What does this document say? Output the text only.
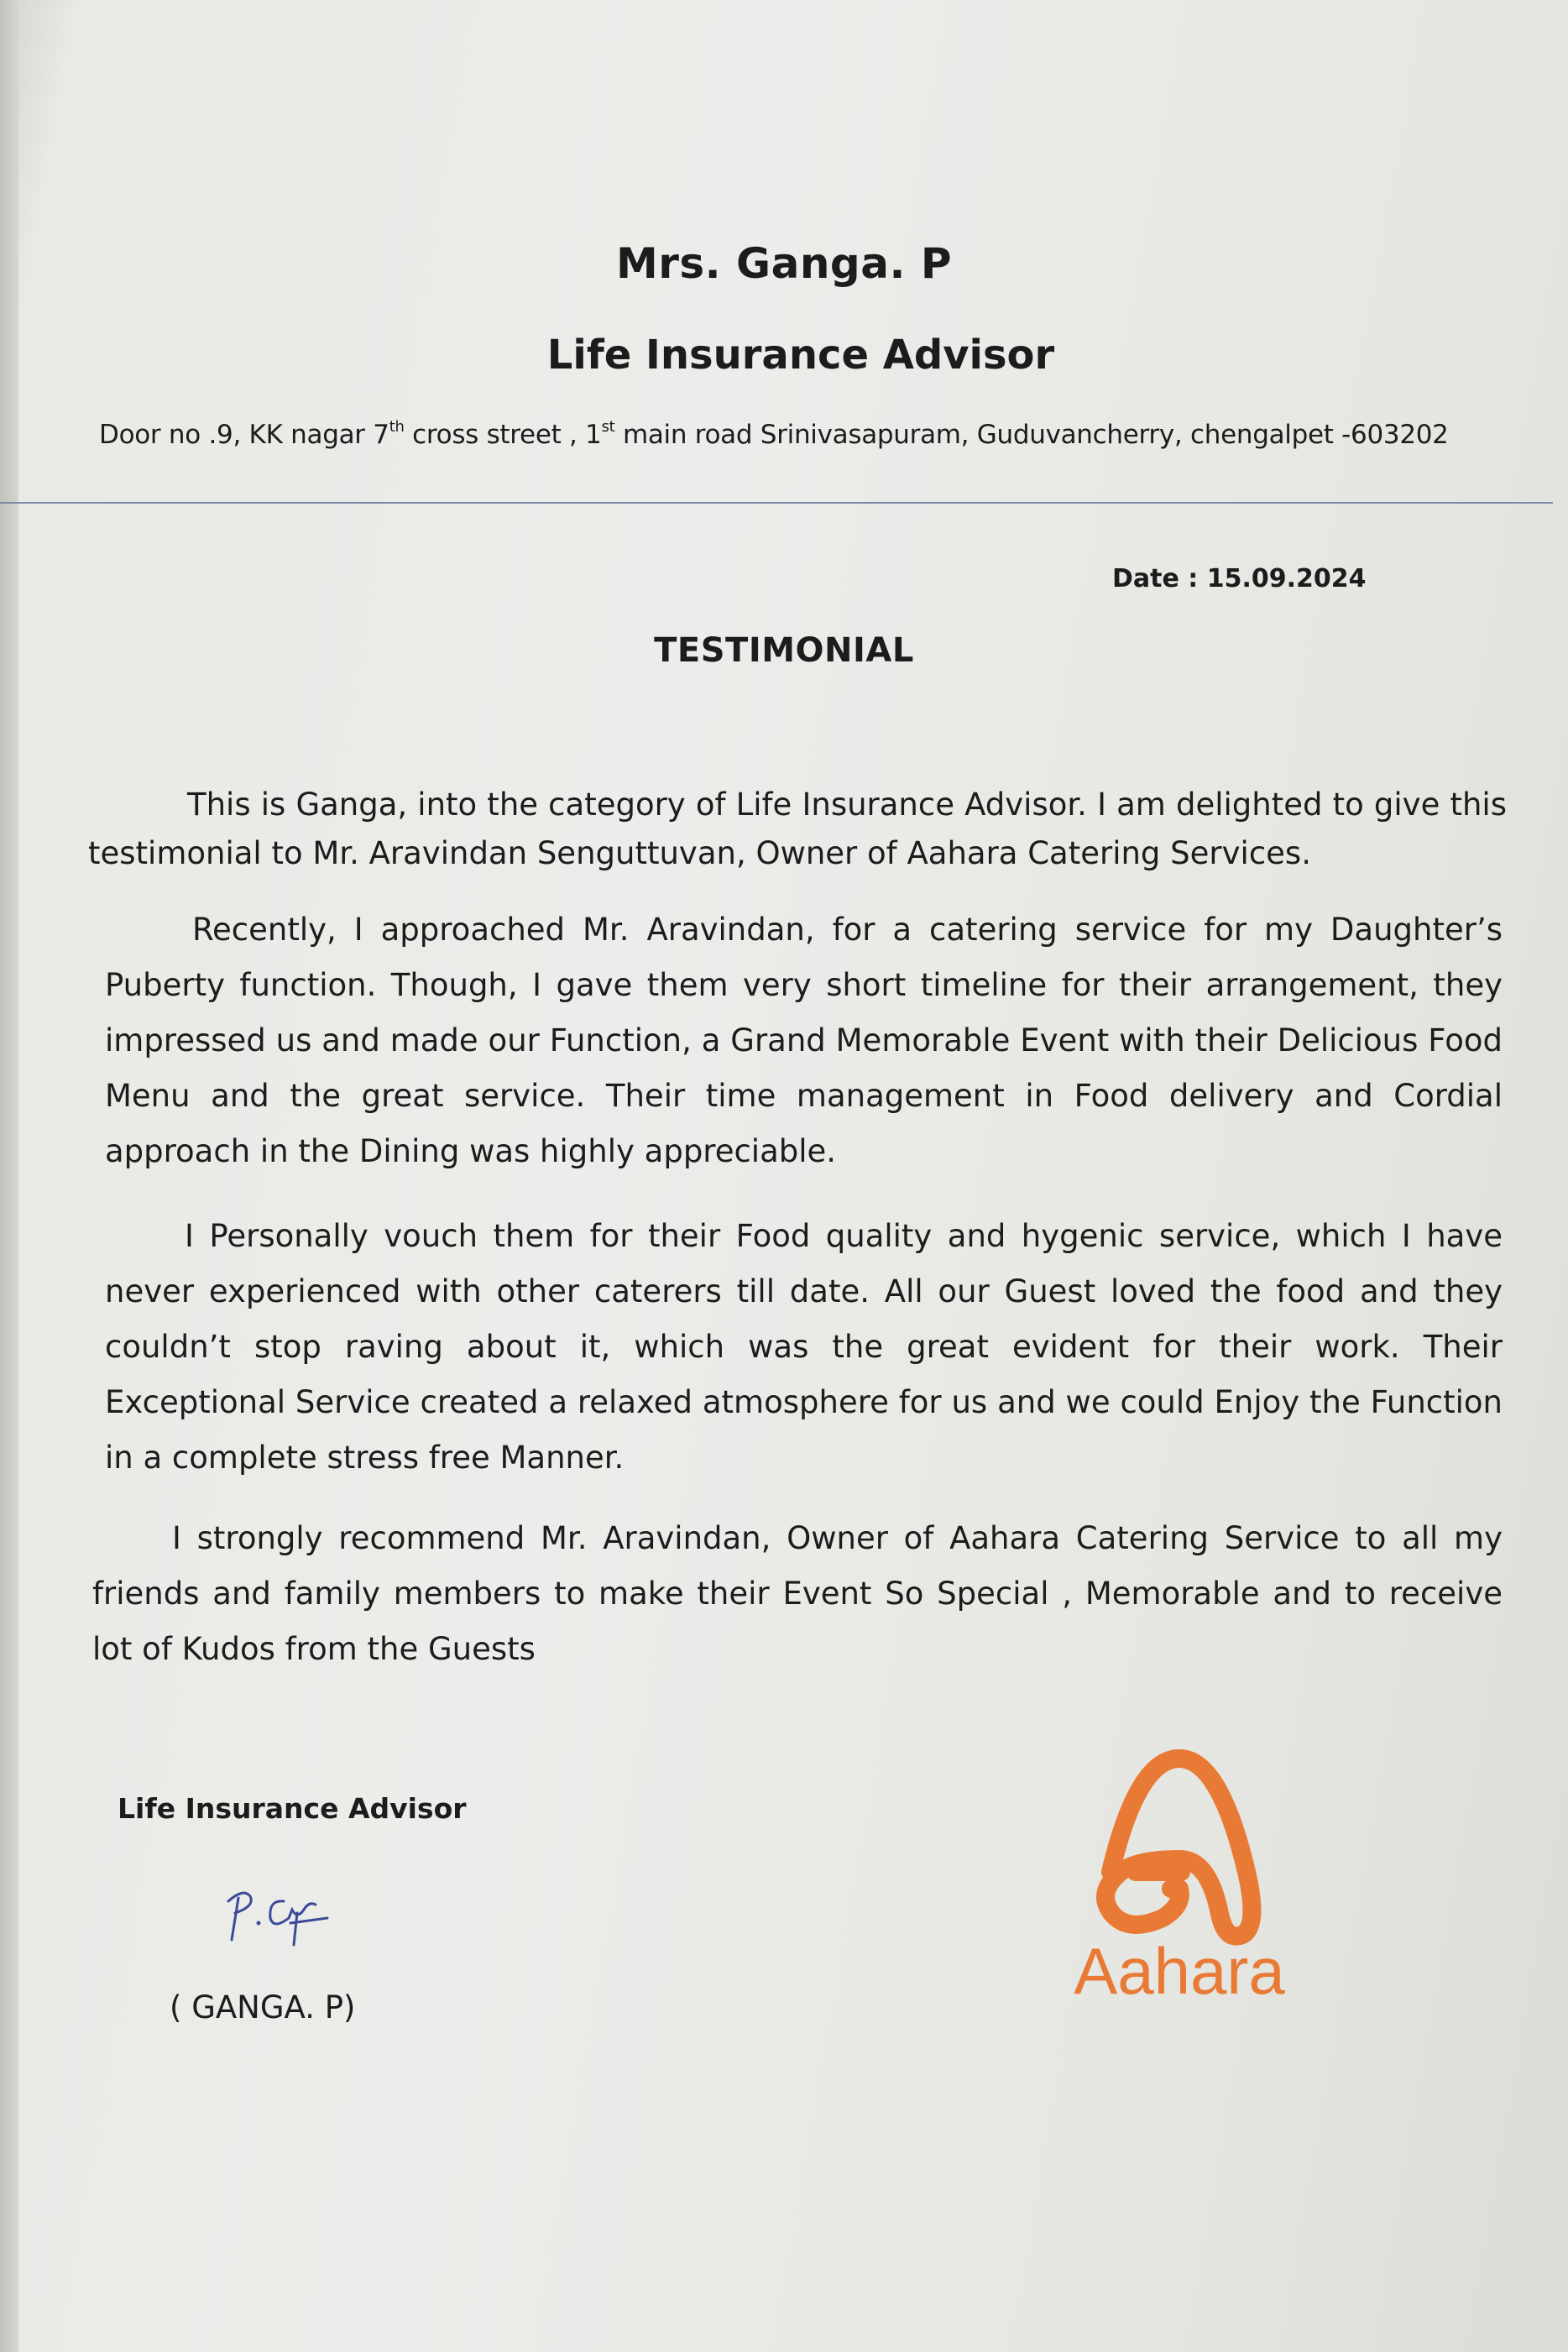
Mrs. Ganga. P
Life Insurance Advisor
Door no .9, KK nagar 7th cross street , 1st main road Srinivasapuram, Guduvancherry, chengalpet -603202
Date : 15.09.2024
TESTIMONIAL

This is Ganga, into the category of Life Insurance Advisor. I am delighted to give this testimonial to Mr. Aravindan Senguttuvan, Owner of Aahara Catering Services.

Recently, I approached Mr. Aravindan, for a catering service for my Daughter’s Puberty function. Though, I gave them very short timeline for their arrangement, they impressed us and made our Function, a Grand Memorable Event with their Delicious Food Menu and the great service. Their time management in Food delivery and Cordial approach in the Dining was highly appreciable.

I Personally vouch them for their Food quality and hygenic service, which I have never experienced with other caterers till date. All our Guest loved the food and they couldn’t stop raving about it, which was the great evident for their work. Their Exceptional Service created a relaxed atmosphere for us and we could Enjoy the Function in a complete stress free Manner.

I strongly recommend Mr. Aravindan, Owner of Aahara Catering Service to all my friends and family members to make their Event So Special , Memorable and to receive lot of Kudos from the Guests

Life Insurance Advisor
( GANGA. P)	Aahara
